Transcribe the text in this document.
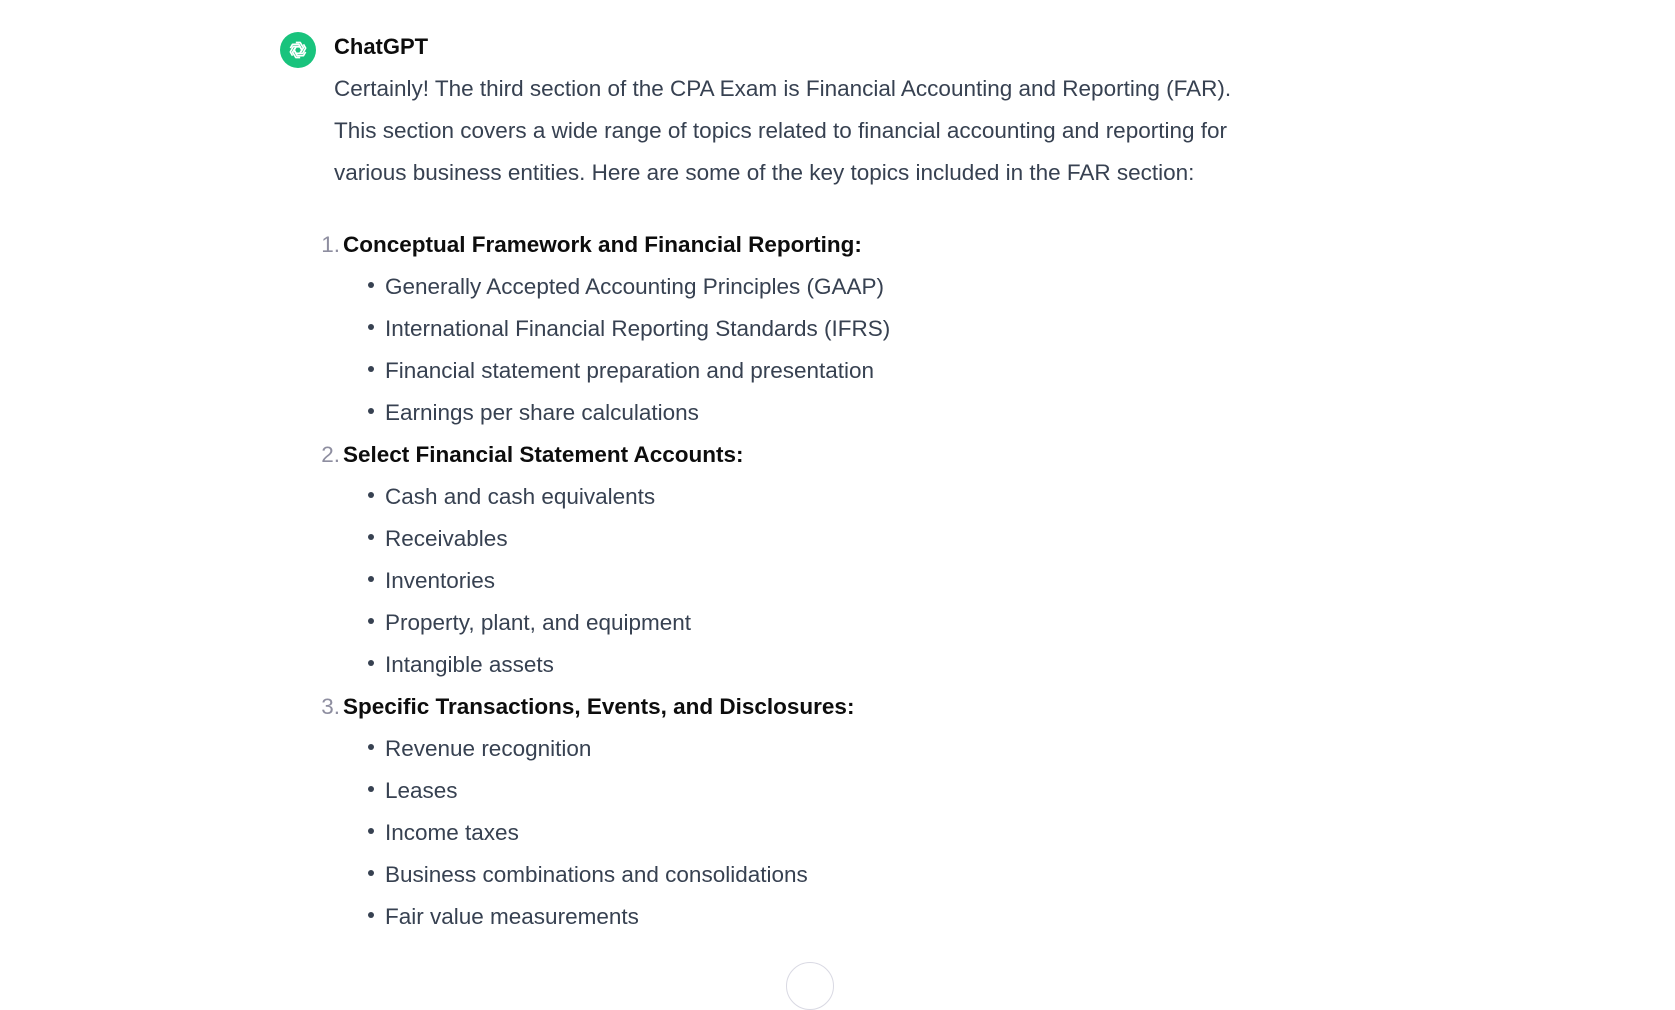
ChatGPT

Certainly! The third section of the CPA Exam is Financial Accounting and Reporting (FAR). This section covers a wide range of topics related to financial accounting and reporting for various business entities. Here are some of the key topics included in the FAR section:

1. Conceptual Framework and Financial Reporting:
Generally Accepted Accounting Principles (GAAP)
International Financial Reporting Standards (IFRS)
Financial statement preparation and presentation
Earnings per share calculations
2. Select Financial Statement Accounts:
Cash and cash equivalents
Receivables
Inventories
Property, plant, and equipment
Intangible assets
3. Specific Transactions, Events, and Disclosures:
Revenue recognition
Leases
Income taxes
Business combinations and consolidations
Fair value measurements
